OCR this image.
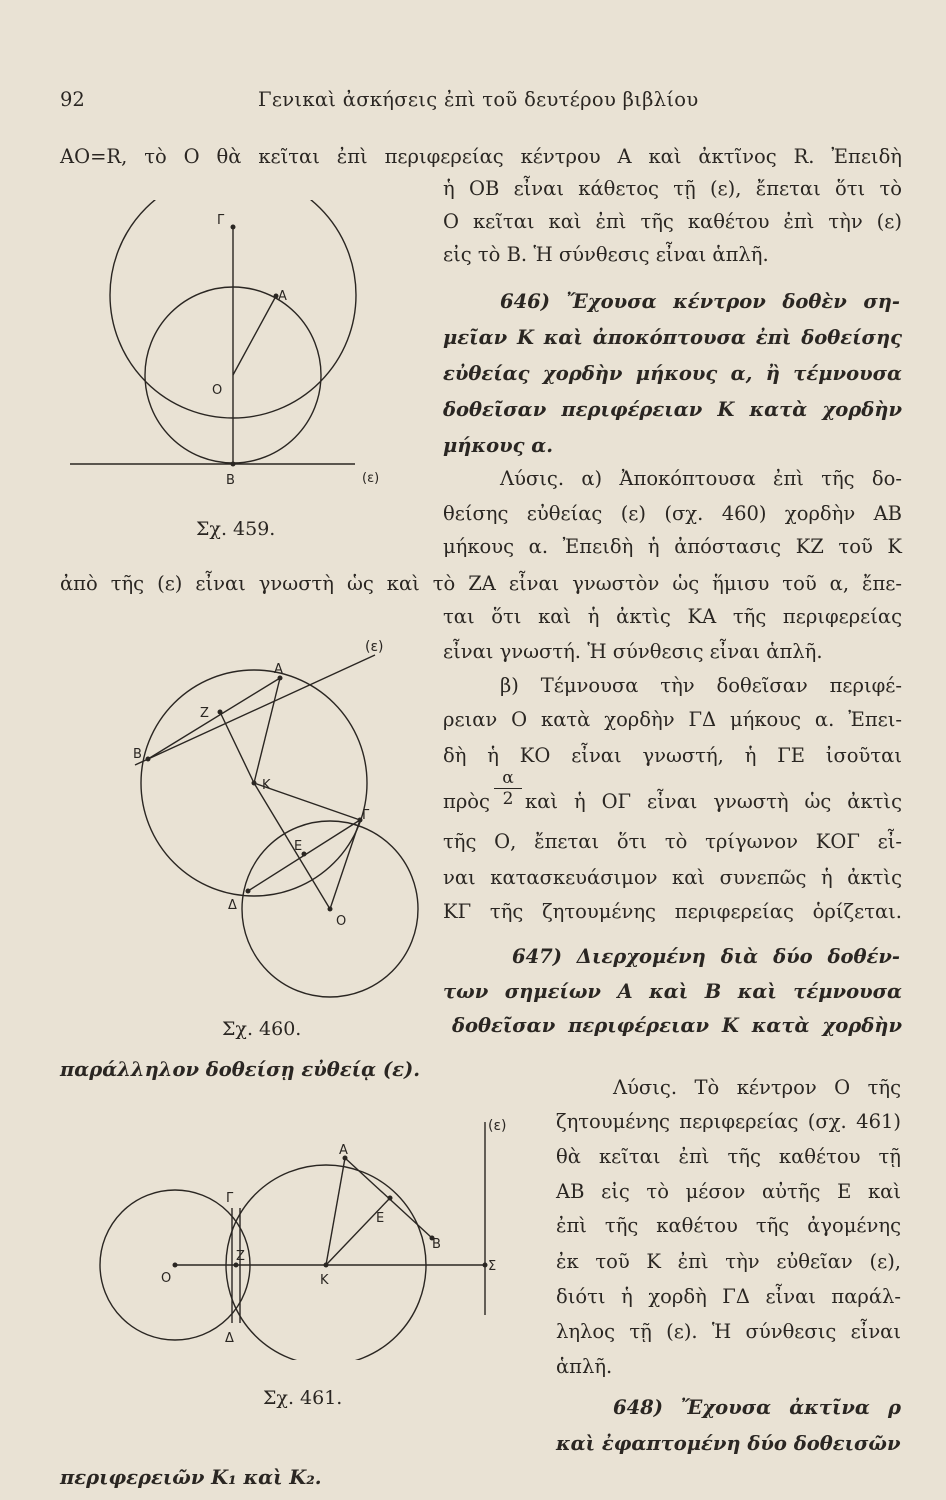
92	Γενικαὶ ἀσκήσεις ἐπὶ τοῦ δευτέρου βιβλίου
ΑΟ=R, τὸ Ο θὰ κεῖται ἐπὶ περιφερείας κέντρου Α καὶ ἀκτῖνος R. Ἐπειδὴ
ἡ ΟΒ εἶναι κάθετος τῇ (ε), ἔπεται ὅτι τὸ
Ο κεῖται καὶ ἐπὶ τῆς καθέτου ἐπὶ τὴν (ε)
εἰς τὸ Β. Ἡ σύνθεσις εἶναι ἁπλῆ.
646) Ἔχουσα κέντρον δοθὲν ση-
μεῖαν Κ καὶ ἀποκόπτουσα ἐπὶ δοθείσης
εὐθείας χορδὴν μήκους α, ἢ τέμνουσα
δοθεῖσαν περιφέρειαν Κ κατὰ χορδὴν
μήκους α.
Λύσις. α) Ἀποκόπτουσα ἐπὶ τῆς δο-
θείσης εὐθείας (ε) (σχ. 460) χορδὴν ΑΒ
μήκους α. Ἐπειδὴ ἡ ἀπόστασις ΚΖ τοῦ Κ
ἀπὸ τῆς (ε) εἶναι γνωστὴ ὡς καὶ τὸ ΖΑ εἶναι γνωστὸν ὡς ἥμισυ τοῦ α, ἔπε-
ται ὅτι καὶ ἡ ἀκτὶς ΚΑ τῆς περιφερείας
εἶναι γνωστή. Ἡ σύνθεσις εἶναι ἁπλῆ.
β) Τέμνουσα τὴν δοθεῖσαν περιφέ-
ρειαν Ο κατὰ χορδὴν ΓΔ μήκους α. Ἐπει-
δὴ ἡ ΚΟ εἶναι γνωστή, ἡ ΓΕ ἰσοῦται
πρὸς $\frac{\alpha}{2}$ καὶ ἡ ΟΓ εἶναι γνωστὴ ὡς ἀκτὶς
τῆς Ο, ἔπεται ὅτι τὸ τρίγωνον ΚΟΓ εἶ-
ναι κατασκευάσιμον καὶ συνεπῶς ἡ ἀκτὶς
ΚΓ τῆς ζητουμένης περιφερείας ὁρίζεται.
647) Διερχομένη διὰ δύο δοθέν-
των σημείων Α καὶ Β καὶ τέμνουσα
δοθεῖσαν περιφέρειαν Κ κατὰ χορδὴν
παράλληλον δοθείσῃ εὐθείᾳ (ε).
Λύσις. Τὸ κέντρον Ο τῆς
ζητουμένης περιφερείας (σχ. 461)
θὰ κεῖται ἐπὶ τῆς καθέτου τῇ
ΑΒ εἰς τὸ μέσον αὐτῆς Ε καὶ
ἐπὶ τῆς καθέτου τῆς ἀγομένης
ἐκ τοῦ Κ ἐπὶ τὴν εὐθεῖαν (ε),
διότι ἡ χορδὴ ΓΔ εἶναι παράλ-
ληλος τῇ (ε). Ἡ σύνθεσις εἶναι
ἁπλῆ.
648) Ἔχουσα ἀκτῖνα ρ
καὶ ἐφαπτομένη δύο δοθεισῶν
περιφερειῶν Κ₁ καὶ Κ₂.
Γ
Α
Ο
Β	(ε)
Σχ. 459.
(ε)
Α
Ζ
Β
Κ
Γ
Ε
Δ
Ο
Σχ. 460.
(ε)
Α
Γ
Ε
Β
Ο
Ζ
Κ
Σ
Δ
Σχ. 461.
